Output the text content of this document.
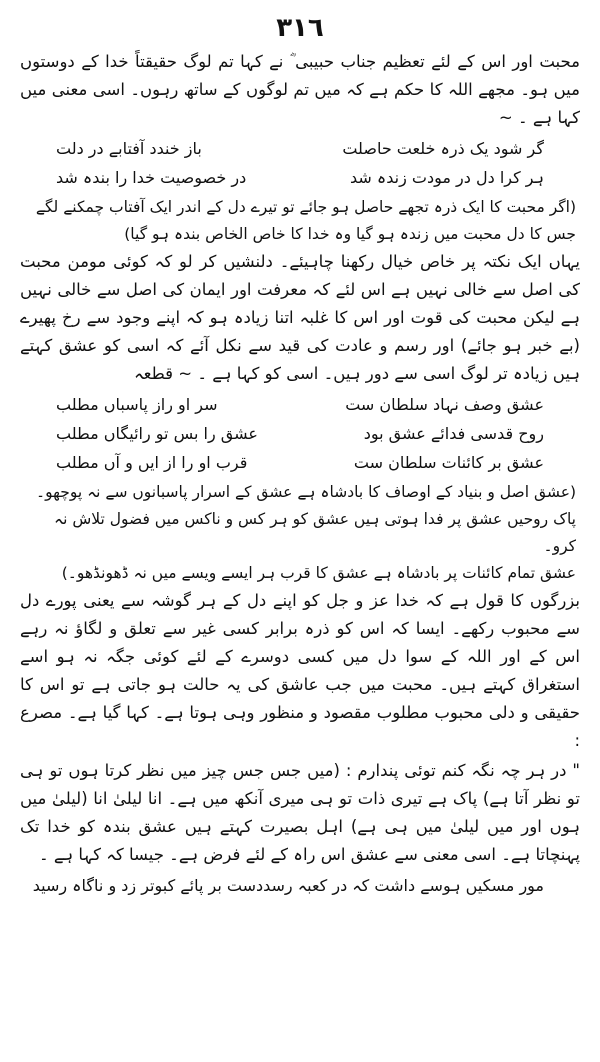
٣١٦

محبت اور اس کے لئے تعظیم جناب حبیبی ؓ نے کہا تم لوگ حقیقتاً خدا کے دوستوں میں ہو۔ مجھے اللہ کا حکم ہے کہ میں تم لوگوں کے ساتھ رہوں۔ اسی معنی میں کہا ہے ۔ ~

گر شود یک ذرہ خلعت حاصلت
باز خندد آفتابے در دلت
ہر کرا دل در مودت زندہ شد
در خصوصیت خدا را بندہ شد
(اگر محبت کا ایک ذرہ تجھے حاصل ہو جائے تو تیرے دل کے اندر ایک آفتاب چمکنے لگے جس کا دل محبت میں زندہ ہو گیا وہ خدا کا خاص الخاص بندہ ہو گیا)

یہاں ایک نکتہ پر خاص خیال رکھنا چاہیئے۔ دلنشیں کر لو کہ کوئی مومن محبت کی اصل سے خالی نہیں ہے اس لئے کہ معرفت اور ایمان کی اصل سے خالی نہیں ہے لیکن محبت کی قوت اور اس کا غلبہ اتنا زیادہ ہو کہ اپنے وجود سے رخ پھیرے (بے خبر ہو جائے) اور رسم و عادت کی قید سے نکل آئے کہ اسی کو عشق کہتے ہیں زیادہ تر لوگ اسی سے دور ہیں۔ اسی کو کہا ہے ۔ ~ قطعہ

عشق وصف نہاد سلطان ست
سر او راز پاسباں مطلب
روح قدسی فدائے عشق بود
عشق را بس تو رائیگاں مطلب
عشق بر کائنات سلطان ست
قرب او را از ایں و آں مطلب
(عشق اصل و بنیاد کے اوصاف کا بادشاہ ہے عشق کے اسرار پاسبانوں سے نہ پوچھو۔
پاک روحیں عشق پر فدا ہوتی ہیں عشق کو ہر کس و ناکس میں فضول تلاش نہ کرو۔
عشق تمام کائنات پر بادشاہ ہے عشق کا قرب ہر ایسے ویسے میں نہ ڈھونڈھو۔)

بزرگوں کا قول ہے کہ خدا عز و جل کو اپنے دل کے ہر گوشہ سے یعنی پورے دل سے محبوب رکھے۔ ایسا کہ اس کو ذرہ برابر کسی غیر سے تعلق و لگاؤ نہ رہے اس کے اور اللہ کے سوا دل میں کسی دوسرے کے لئے کوئی جگہ نہ ہو اسے استغراق کہتے ہیں۔ محبت میں جب عاشق کی یہ حالت ہو جاتی ہے تو اس کا حقیقی و دلی محبوب مطلوب مقصود و منظور وہی ہوتا ہے۔ کہا گیا ہے۔ مصرع :

" در ہر چہ نگہ کنم توئی پندارم : (میں جس جس چیز میں نظر کرتا ہوں تو ہی تو نظر آتا ہے) پاک ہے تیری ذات تو ہی میری آنکھ میں ہے۔ انا لیلیٰ انا (لیلیٰ میں ہوں اور میں لیلیٰ میں ہی ہے) اہل بصیرت کہتے ہیں عشق بندہ کو خدا تک پہنچاتا ہے۔ اسی معنی سے عشق اس راہ کے لئے فرض ہے۔ جیسا کہ کہا ہے ۔

مور مسکیں ہوسے داشت کہ در کعبہ رسد
دست بر پائے کبوتر زد و ناگاہ رسید
